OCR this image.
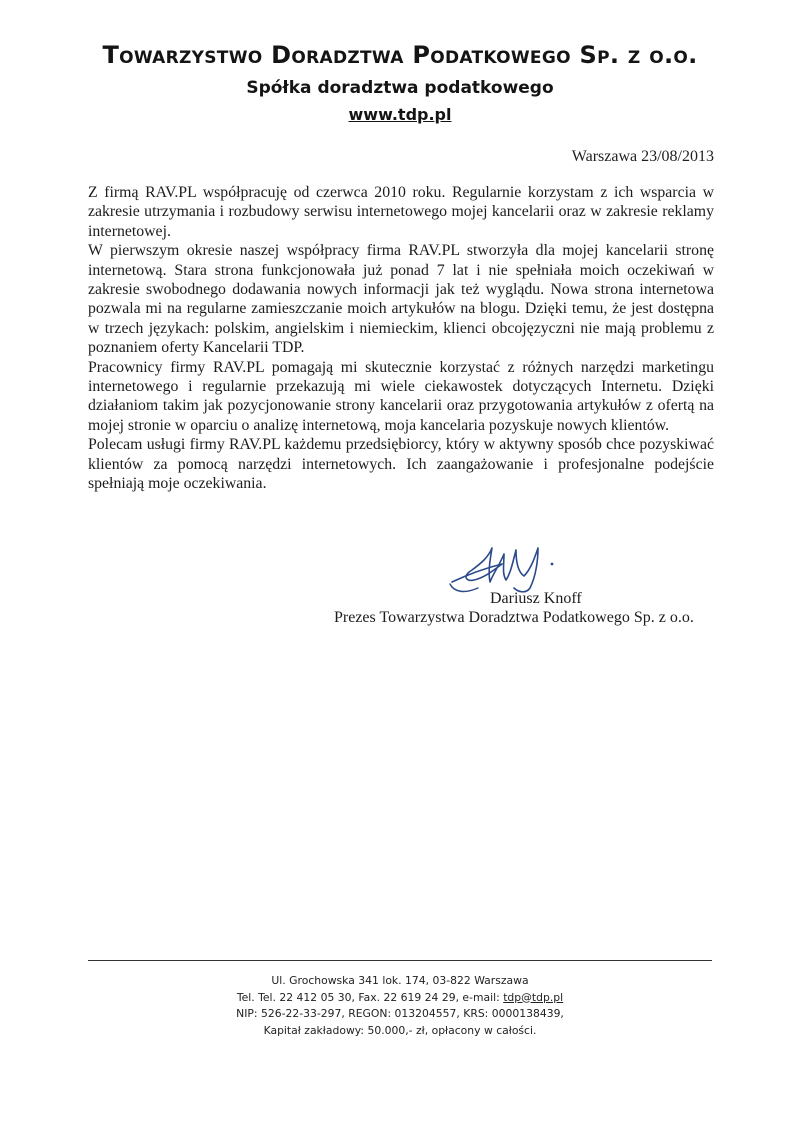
Towarzystwo Doradztwa Podatkowego Sp. z o.o.
Spółka doradztwa podatkowego
www.tdp.pl
Warszawa 23/08/2013

Z firmą RAV.PL współpracuję od czerwca 2010 roku. Regularnie korzystam z ich wsparcia w zakresie utrzymania i rozbudowy serwisu internetowego mojej kancelarii oraz w zakresie reklamy internetowej.

W pierwszym okresie naszej współpracy firma RAV.PL stworzyła dla mojej kancelarii stronę internetową. Stara strona funkcjonowała już ponad 7 lat i nie spełniała moich oczekiwań w zakresie swobodnego dodawania nowych informacji jak też wyglądu. Nowa strona internetowa pozwala mi na regularne zamieszczanie moich artykułów na blogu. Dzięki temu, że jest dostępna w trzech językach: polskim, angielskim i niemieckim, klienci obcojęzyczni nie mają problemu z poznaniem oferty Kancelarii TDP.

Pracownicy firmy RAV.PL pomagają mi skutecznie korzystać z różnych narzędzi marketingu internetowego i regularnie przekazują mi wiele ciekawostek dotyczących Internetu. Dzięki działaniom takim jak pozycjonowanie strony kancelarii oraz przygotowania artykułów z ofertą na mojej stronie w oparciu o analizę internetową, moja kancelaria pozyskuje nowych klientów.

Polecam usługi firmy RAV.PL każdemu przedsiębiorcy, który w aktywny sposób chce pozyskiwać klientów za pomocą narzędzi internetowych. Ich zaangażowanie i profesjonalne podejście spełniają moje oczekiwania.

Dariusz Knoff
Prezes Towarzystwa Doradztwa Podatkowego Sp. z o.o.
Ul. Grochowska 341 lok. 174, 03-822 Warszawa
Tel. Tel. 22 412 05 30, Fax. 22 619 24 29, e-mail: tdp@tdp.pl
NIP: 526-22-33-297, REGON: 013204557, KRS: 0000138439,
Kapitał zakładowy: 50.000,- zł, opłacony w całości.
